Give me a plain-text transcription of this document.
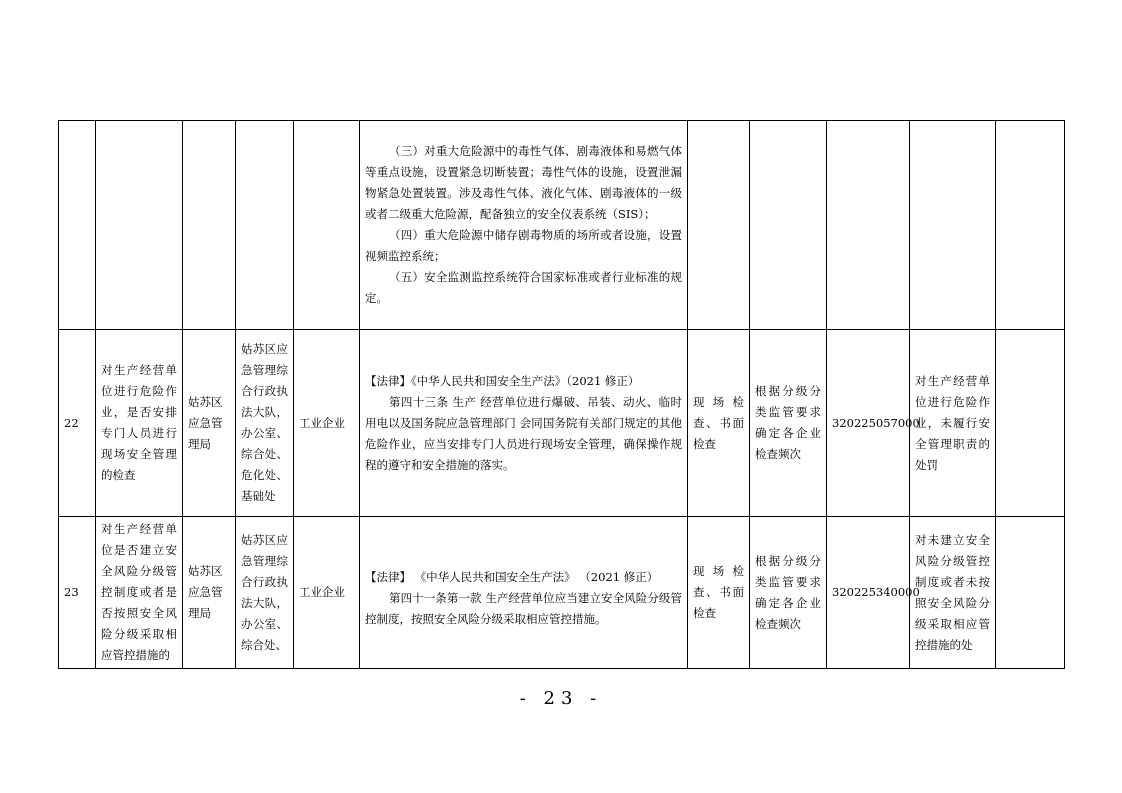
					（三）对重大危险源中的毒性气体、剧毒液体和易燃气体等重点设施，设置紧急切断装置；毒性气体的设施，设置泄漏物紧急处置装置。涉及毒性气体、液化气体、剧毒液体的一级或者二级重大危险源，配备独立的安全仪表系统（SIS）；

（四）重大危险源中储存剧毒物质的场所或者设施，设置视频监控系统；

（五）安全监测监控系统符合国家标准或者行业标准的规定。					

22	对生产经营单位进行危险作业，是否安排专门人员进行现场安全管理的检查	姑苏区应急管理局	姑苏区应急管理综合行政执法大队，办公室、综合处、危化处、基础处	工业企业	【法律】《中华人民共和国安全生产法》（2021 修正）

第四十三条 生产 经营单位进行爆破、吊装、动火、临时用电以及国务院应急管理部门 会同国务院有关部门规定的其他危险作业，应当安排专门人员进行现场安全管理，确保操作规程的遵守和安全措施的落实。	现场检查、书面检查	根据分级分类监管要求确定各企业检查频次	320225057000	对生产经营单位进行危险作业，未履行安全管理职责的处罚	
23	对生产经营单位是否建立安全风险分级管控制度或者是否按照安全风险分级采取相应管控措施的	姑苏区应急管理局	姑苏区应急管理综合行政执法大队，办公室、综合处、	工业企业	【法律】 《中华人民共和国安全生产法》 （2021 修正）

第四十一条第一款 生产经营单位应当建立安全风险分级管控制度，按照安全风险分级采取相应管控措施。	现场检查、书面检查	根据分级分类监管要求确定各企业检查频次	320225340000	对未建立安全风险分级管控制度或者未按照安全风险分级采取相应管控措施的处	
- 23 -
